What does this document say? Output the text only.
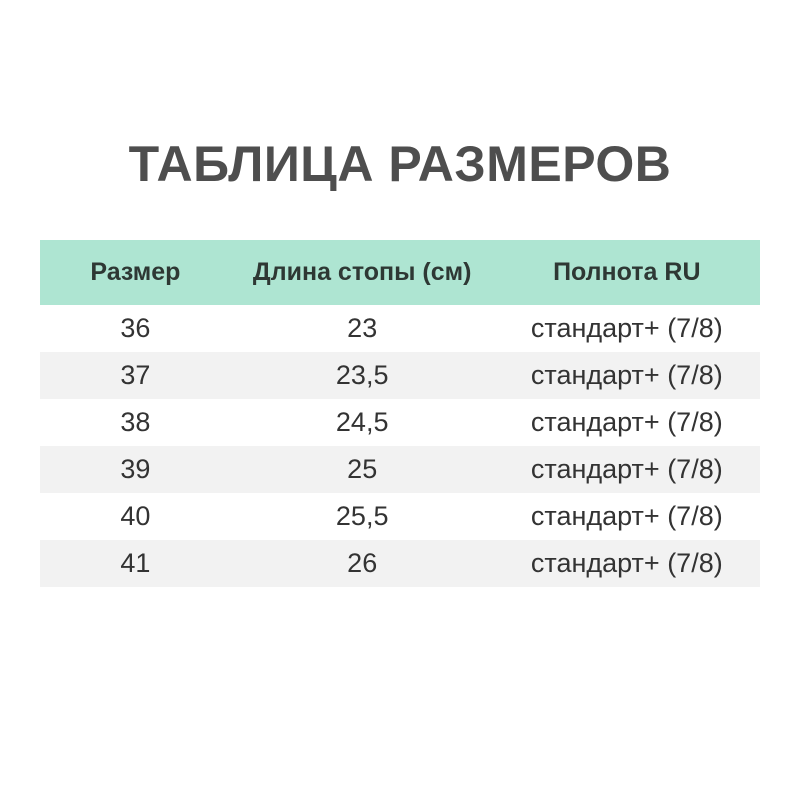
ТАБЛИЦА РАЗМЕРОВ
Размер	Длина стопы (см)	Полнота RU
36	23	стандарт+ (7/8)
37	23,5	стандарт+ (7/8)
38	24,5	стандарт+ (7/8)
39	25	стандарт+ (7/8)
40	25,5	стандарт+ (7/8)
41	26	стандарт+ (7/8)
